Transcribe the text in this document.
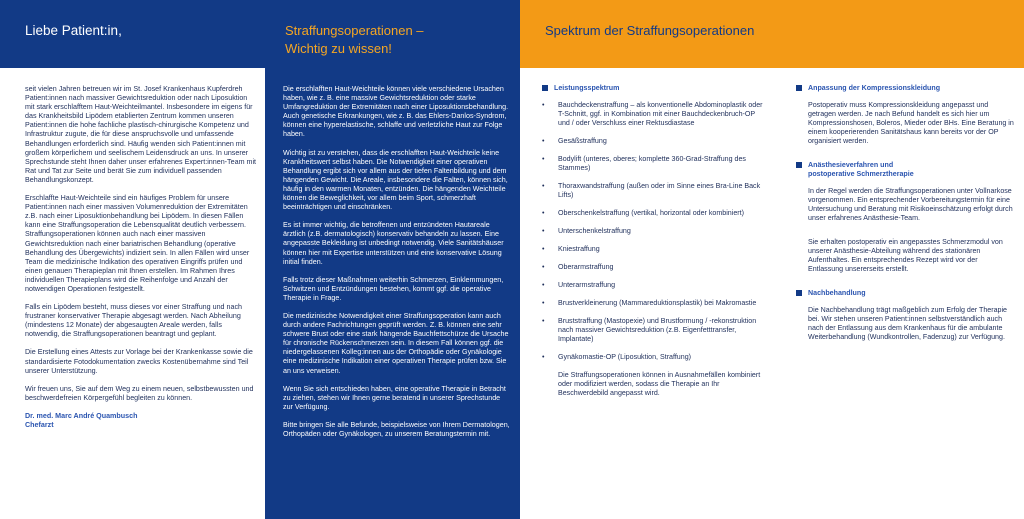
Liebe Patient:in,

seit vielen Jahren betreuen wir im St. Josef Krankenhaus Kupferdreh Patient:innen nach massiver Gewichtsreduktion oder nach Liposuktion mit stark erschlafftem Haut-Weichteilmantel. Insbesondere im eigens für das Krankheitsbild Lipödem etablierten Zentrum kommen unseren Patient:innen die hohe fachliche plastisch-chirurgische Kompetenz und Infrastruktur zugute, die für diese anspruchsvolle und umfassende Behandlungen erforderlich sind. Häufig wenden sich Patient:innen mit großem körperlichem und seelischem Leidensdruck an uns. In unserer Sprechstunde steht Ihnen daher unser erfahrenes Expert:innen-Team mit Rat und Tat zur Seite und berät Sie zum individuell passenden Behandlungskonzept.

Erschlaffte Haut-Weichteile sind ein häufiges Problem für unsere Patient:innen nach einer massiven Volumenreduktion der Extremitäten z.B. nach einer Liposuktionbehandlung bei Lipödem. In diesen Fällen kann eine Straffungsoperation die Lebensqualität deutlich verbessern. Straffungsoperationen können auch nach einer massiven Gewichtsreduktion nach einer bariatrischen Behandlung (operative Behandlung des Übergewichts) indiziert sein. In allen Fällen wird unser Team die medizinische Indikation des operativen Eingriffs prüfen und einen genauen Therapieplan mit Ihnen erstellen. Im Rahmen Ihres individuellen Therapieplans wird die Reihenfolge und Anzahl der notwendigen Operationen festgestellt.

Falls ein Lipödem besteht, muss dieses vor einer Straffung und nach frustraner konservativer Therapie abgesagt werden. Nach Abheilung (mindestens 12 Monate) der abgesaugten Areale werden, falls notwendig, die Straffungsoperationen beantragt und geplant.

Die Erstellung eines Attests zur Vorlage bei der Krankenkasse sowie die standardisierte Fotodokumentation zwecks Kostenübernahme sind Teil unserer Unterstützung.

Wir freuen uns, Sie auf dem Weg zu einem neuen, selbstbewussten und beschwerdefreien Körpergefühl begleiten zu können.

Dr. med. Marc André Quambusch
Chefarzt
Straffungsoperationen –
Wichtig zu wissen!

Die erschlafften Haut-Weichteile können viele verschiedene Ursachen haben, wie z. B. eine massive Gewichtsreduktion oder starke Umfangreduktion der Extremitäten nach einer Liposuktionsbehandlung. Auch genetische Erkrankungen, wie z. B. das Ehlers-Danlos-Syndrom, können eine hyperelastische, schlaffe und verletzliche Haut zur Folge haben.

Wichtig ist zu verstehen, dass die erschlafften Haut-Weichteile keine Krankheitswert selbst haben. Die Notwendigkeit einer operativen Behandlung ergibt sich vor allem aus der tiefen Faltenbildung und dem hängenden Gewicht. Die Areale, insbesondere die Falten, können sich, häufig in den warmen Monaten, entzünden. Die hängenden Weichteile können die Beweglichkeit, vor allem beim Sport, schmerzhaft beeinträchtigen und einschränken.

Es ist immer wichtig, die betroffenen und entzündeten Hautareale ärztlich (z.B. dermatologisch) konservativ behandeln zu lassen. Eine angepasste Bekleidung ist unbedingt notwendig. Viele Sanitätshäuser können hier mit Expertise unterstützen und eine konservative Lösung initial finden.

Falls trotz dieser Maßnahmen weiterhin Schmerzen, Einklemmungen, Schwitzen und Entzündungen bestehen, kommt ggf. die operative Therapie in Frage.

Die medizinische Notwendigkeit einer Straffungsoperation kann auch durch andere Fachrichtungen geprüft werden. Z. B. können eine sehr schwere Brust oder eine stark hängende Bauchfettschürze die Ursache für chronische Rückenschmerzen sein. In diesem Fall können ggf. die niedergelassenen Kolleg:innen aus der Orthopädie oder Gynäkologie eine medizinische Indikation einer operativen Therapie prüfen bzw. Sie an uns verweisen.

Wenn Sie sich entschieden haben, eine operative Therapie in Betracht zu ziehen, stehen wir Ihnen gerne beratend in unserer Sprechstunde zur Verfügung.

Bitte bringen Sie alle Befunde, beispielsweise von Ihrem Dermatologen, Orthopäden oder Gynäkologen, zu unserem Beratungstermin mit.

Spektrum der Straffungsoperationen
Leistungsspektrum
• Bauchdeckenstraffung – als konventionelle Abdominoplastik oder T-Schnitt, ggf. in Kombination mit einer Bauchdeckenbruch-OP und / oder Verschluss einer Rektusdiastase
• Gesäßstraffung
• Bodylift (unteres, oberes; komplette 360-Grad-Straffung des Stammes)
• Thoraxwandstraffung (außen oder im Sinne eines Bra-Line Back Lifts)
• Oberschenkelstraffung (vertikal, horizontal oder kombiniert)
• Unterschenkelstraffung
• Kniestraffung
• Oberarmstraffung
• Unterarmstraffung
• Brustverkleinerung (Mammareduktionsplastik) bei Makromastie
• Bruststraffung (Mastopexie) und Brustformung / -rekonstruktion nach massiver Gewichtsreduktion (z.B. Eigenfetttransfer, Implantate)
• Gynäkomastie-OP (Liposuktion, Straffung)

Die Straffungsoperationen können in Ausnahmefällen kombiniert oder modifiziert werden, sodass die Therapie an Ihr Beschwerdebild angepasst wird.

Anpassung der Kompressionskleidung

Postoperativ muss Kompressionskleidung angepasst und getragen werden. Je nach Befund handelt es sich hier um Kompressionshosen, Boleros, Mieder oder BHs. Eine Beratung in einem kooperierenden Sanitätshaus kann bereits vor der OP organisiert werden.

Anästhesieverfahren und
postoperative Schmerztherapie

In der Regel werden die Straffungsoperationen unter Vollnarkose vorgenommen. Ein entsprechender Vorbereitungstermin für eine Untersuchung und Beratung mit Risikoeinschätzung erfolgt durch unser erfahrenes Anästhesie-Team.

Sie erhalten postoperativ ein angepasstes Schmerzmodul von unserer Anästhesie-Abteilung während des stationären Aufenthaltes. Ein entsprechendes Rezept wird vor der Entlassung unsererseits erstellt.

Nachbehandlung

Die Nachbehandlung trägt maßgeblich zum Erfolg der Therapie bei. Wir stehen unseren Patient:innen selbstverständlich auch nach der Entlassung aus dem Krankenhaus für die ambulante Weiterbehandlung (Wundkontrollen, Fadenzug) zur Verfügung.
